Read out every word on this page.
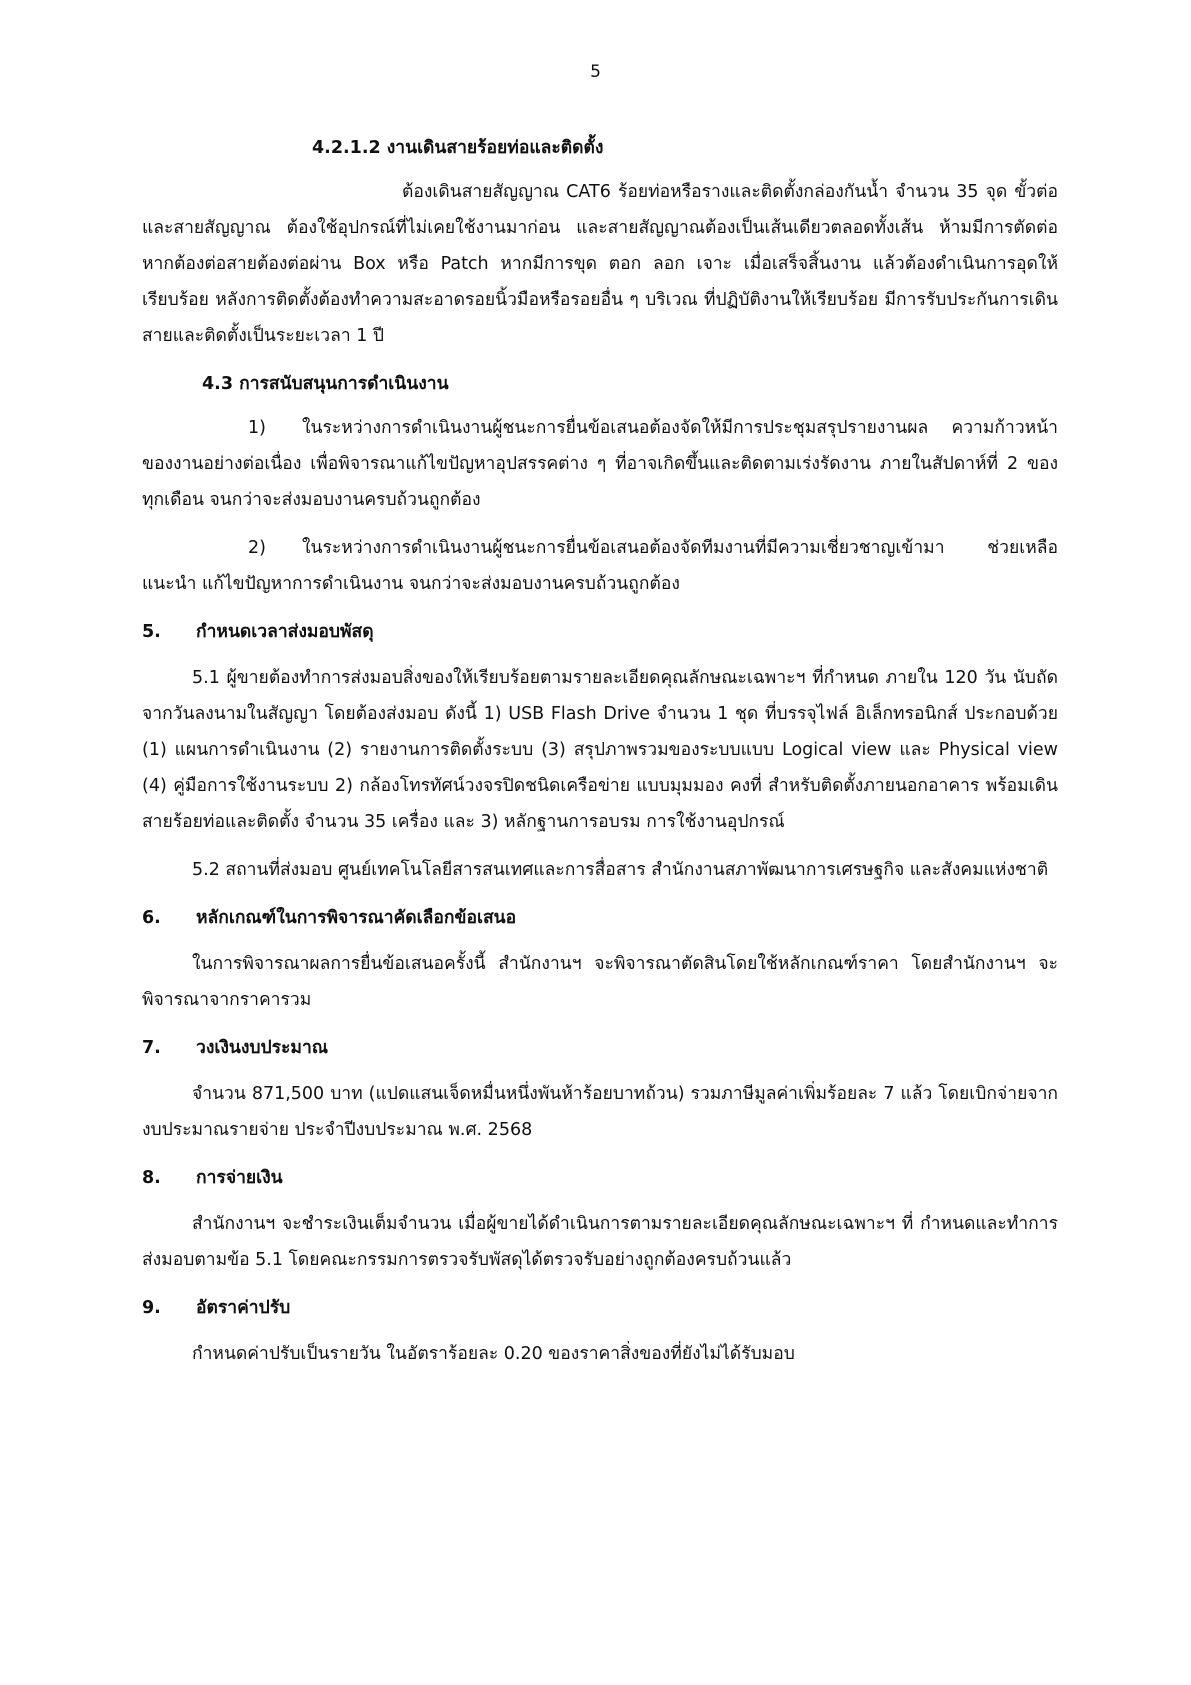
5
4.2.1.2 งานเดินสายร้อยท่อและติดตั้ง

ต้องเดินสายสัญญาณ CAT6 ร้อยท่อหรือรางและติดตั้งกล่องกันน้ำ จำนวน 35 จุด ขั้วต่อและสายสัญญาณ ต้องใช้อุปกรณ์ที่ไม่เคยใช้งานมาก่อน และสายสัญญาณต้องเป็นเส้นเดียวตลอดทั้งเส้น ห้ามมีการตัดต่อ หากต้องต่อสายต้องต่อผ่าน Box หรือ Patch หากมีการขุด ตอก ลอก เจาะ เมื่อเสร็จสิ้นงาน แล้วต้องดำเนินการอุดให้เรียบร้อย หลังการติดตั้งต้องทำความสะอาดรอยนิ้วมือหรือรอยอื่น ๆ บริเวณ ที่ปฏิบัติงานให้เรียบร้อย มีการรับประกันการเดินสายและติดตั้งเป็นระยะเวลา 1 ปี

4.3 การสนับสนุนการดำเนินงาน

1) ในระหว่างการดำเนินงานผู้ชนะการยื่นข้อเสนอต้องจัดให้มีการประชุมสรุปรายงานผล ความก้าวหน้าของงานอย่างต่อเนื่อง เพื่อพิจารณาแก้ไขปัญหาอุปสรรคต่าง ๆ ที่อาจเกิดขึ้นและติดตามเร่งรัดงาน ภายในสัปดาห์ที่ 2 ของทุกเดือน จนกว่าจะส่งมอบงานครบถ้วนถูกต้อง

2) ในระหว่างการดำเนินงานผู้ชนะการยื่นข้อเสนอต้องจัดทีมงานที่มีความเชี่ยวชาญเข้ามา ช่วยเหลือแนะนำ แก้ไขปัญหาการดำเนินงาน จนกว่าจะส่งมอบงานครบถ้วนถูกต้อง

5.	กำหนดเวลาส่งมอบพัสดุ

5.1 ผู้ขายต้องทำการส่งมอบสิ่งของให้เรียบร้อยตามรายละเอียดคุณลักษณะเฉพาะฯ ที่กำหนด ภายใน 120 วัน นับถัดจากวันลงนามในสัญญา โดยต้องส่งมอบ ดังนี้ 1) USB Flash Drive จำนวน 1 ชุด ที่บรรจุไฟล์ อิเล็กทรอนิกส์ ประกอบด้วย (1) แผนการดำเนินงาน (2) รายงานการติดตั้งระบบ (3) สรุปภาพรวมของระบบแบบ Logical view และ Physical view (4) คู่มือการใช้งานระบบ 2) กล้องโทรทัศน์วงจรปิดชนิดเครือข่าย แบบมุมมอง คงที่ สำหรับติดตั้งภายนอกอาคาร พร้อมเดินสายร้อยท่อและติดตั้ง จำนวน 35 เครื่อง และ 3) หลักฐานการอบรม การใช้งานอุปกรณ์

5.2 สถานที่ส่งมอบ ศูนย์เทคโนโลยีสารสนเทศและการสื่อสาร สำนักงานสภาพัฒนาการเศรษฐกิจ และสังคมแห่งชาติ

6.	หลักเกณฑ์ในการพิจารณาคัดเลือกข้อเสนอ

ในการพิจารณาผลการยื่นข้อเสนอครั้งนี้ สำนักงานฯ จะพิจารณาตัดสินโดยใช้หลักเกณฑ์ราคา โดยสำนักงานฯ จะพิจารณาจากราคารวม

7.	วงเงินงบประมาณ

จำนวน 871,500 บาท (แปดแสนเจ็ดหมื่นหนึ่งพันห้าร้อยบาทถ้วน) รวมภาษีมูลค่าเพิ่มร้อยละ 7 แล้ว โดยเบิกจ่ายจากงบประมาณรายจ่าย ประจำปีงบประมาณ พ.ศ. 2568

8.	การจ่ายเงิน

สำนักงานฯ จะชำระเงินเต็มจำนวน เมื่อผู้ขายได้ดำเนินการตามรายละเอียดคุณลักษณะเฉพาะฯ ที่ กำหนดและทำการส่งมอบตามข้อ 5.1 โดยคณะกรรมการตรวจรับพัสดุได้ตรวจรับอย่างถูกต้องครบถ้วนแล้ว

9.	อัตราค่าปรับ

กำหนดค่าปรับเป็นรายวัน ในอัตราร้อยละ 0.20 ของราคาสิ่งของที่ยังไม่ได้รับมอบ
